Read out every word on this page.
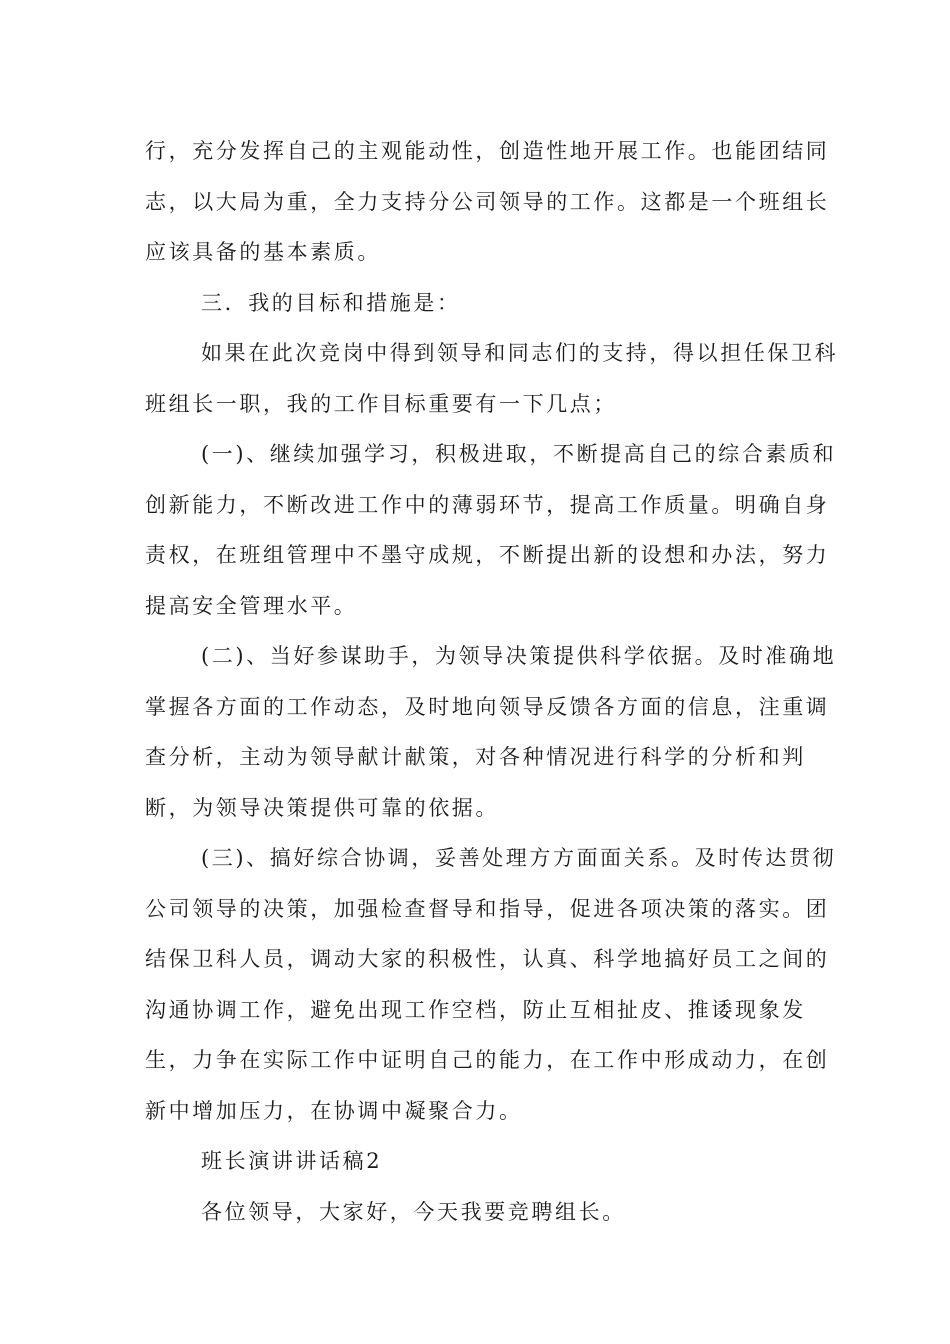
行，充分发挥自己的主观能动性，创造性地开展工作。也能团结同
志，以大局为重，全力支持分公司领导的工作。这都是一个班组长
应该具备的基本素质。

三．我的目标和措施是：

如果在此次竞岗中得到领导和同志们的支持，得以担任保卫科
班组长一职，我的工作目标重要有一下几点；

(一)、继续加强学习，积极进取，不断提高自己的综合素质和
创新能力，不断改进工作中的薄弱环节，提高工作质量。明确自身
责权，在班组管理中不墨守成规，不断提出新的设想和办法，努力
提高安全管理水平。

(二)、当好参谋助手，为领导决策提供科学依据。及时准确地
掌握各方面的工作动态，及时地向领导反馈各方面的信息，注重调
查分析，主动为领导献计献策，对各种情况进行科学的分析和判
断，为领导决策提供可靠的依据。

(三)、搞好综合协调，妥善处理方方面面关系。及时传达贯彻
公司领导的决策，加强检查督导和指导，促进各项决策的落实。团
结保卫科人员，调动大家的积极性，认真、科学地搞好员工之间的
沟通协调工作，避免出现工作空档，防止互相扯皮、推诿现象发
生，力争在实际工作中证明自己的能力，在工作中形成动力，在创
新中增加压力，在协调中凝聚合力。

班长演讲讲话稿2

各位领导，大家好，今天我要竞聘组长。
